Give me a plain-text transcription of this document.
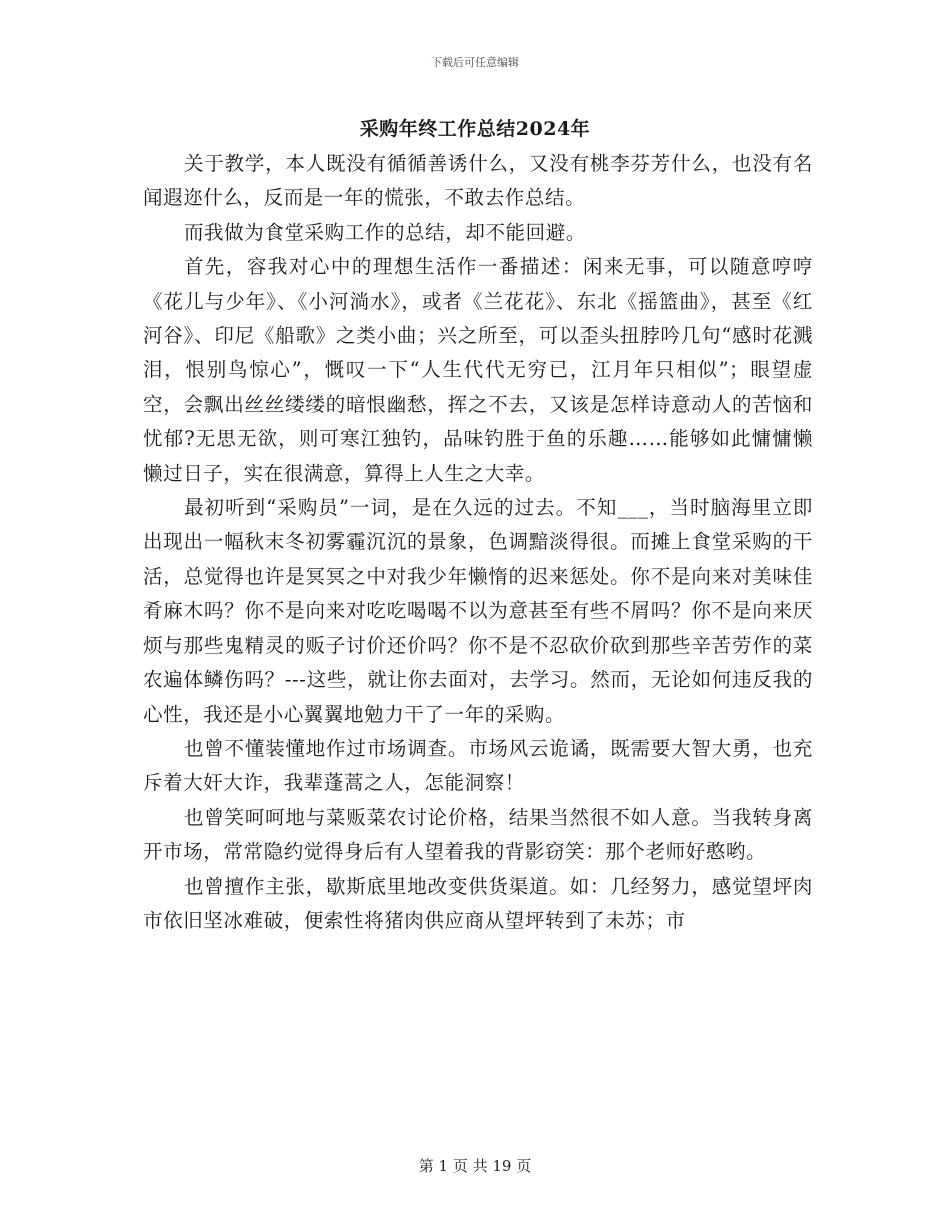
下载后可任意编辑
采购年终工作总结2024年

关于教学，本人既没有循循善诱什么，又没有桃李芬芳什么，也没有名闻遐迩什么，反而是一年的慌张，不敢去作总结。

而我做为食堂采购工作的总结，却不能回避。

首先，容我对心中的理想生活作一番描述：闲来无事，可以随意哼哼《花儿与少年》、《小河淌水》，或者《兰花花》、东北《摇篮曲》，甚至《红河谷》、印尼《船歌》之类小曲；兴之所至，可以歪头扭脖吟几句“感时花溅泪，恨别鸟惊心”，慨叹一下“人生代代无穷已，江月年只相似”；眼望虚空，会飘出丝丝缕缕的暗恨幽愁，挥之不去，又该是怎样诗意动人的苦恼和忧郁?无思无欲，则可寒江独钓，品味钓胜于鱼的乐趣……能够如此慵慵懒懒过日子，实在很满意，算得上人生之大幸。

最初听到“采购员”一词，是在久远的过去。不知___，当时脑海里立即出现出一幅秋末冬初雾霾沉沉的景象，色调黯淡得很。而摊上食堂采购的干活，总觉得也许是冥冥之中对我少年懒惰的迟来惩处。你不是向来对美味佳肴麻木吗？你不是向来对吃吃喝喝不以为意甚至有些不屑吗？你不是向来厌烦与那些鬼精灵的贩子讨价还价吗？你不是不忍砍价砍到那些辛苦劳作的菜农遍体鳞伤吗？---这些，就让你去面对，去学习。然而，无论如何违反我的心性，我还是小心翼翼地勉力干了一年的采购。

也曾不懂装懂地作过市场调查。市场风云诡谲，既需要大智大勇，也充斥着大奸大诈，我辈蓬蒿之人，怎能洞察！

也曾笑呵呵地与菜贩菜农讨论价格，结果当然很不如人意。当我转身离开市场，常常隐约觉得身后有人望着我的背影窃笑：那个老师好憨哟。

也曾擅作主张，歇斯底里地改变供货渠道。如：几经努力，感觉望坪肉市依旧坚冰难破，便索性将猪肉供应商从望坪转到了未苏；市

第 1 页 共 19 页
